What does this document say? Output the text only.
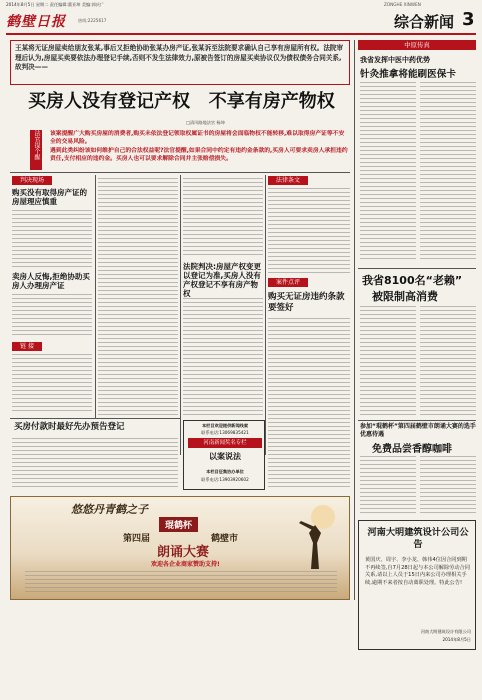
2014年8月5日 星期二 责任编辑:董亚坤 美编:郭庆广
鹤壁日报	热线:2225617
ZONGHE XINWEN
综合新闻 3
王某将无证房屋卖给朋友张某,事后又拒绝协助张某办房产证,张某诉至法院要求确认自己享有房屋所有权。法院审理后认为,房屋买卖要依法办理登记手续,否则不发生法律效力,原被告签订的房屋买卖协议仅为债权债务合同关系,故判决——
买房人没有登记产权   不享有房产物权
□清风路地法官 杨坤
法官提个醒	该案提醒广大购买房屋的消费者,购买未依法登记领取权属证书的房屋将会面临物权不能转移,难以取得房产证等不安全的交易风险。
遇到此类纠纷该如何维护自己的合法权益呢?法官提醒,如果合同中约定有违约金条款的,买房人可要求卖房人承担违约责任,支付相应的违约金。买房人也可以要求解除合同并主张赔偿损失。
判决现场
购买没有取得房产证的房屋理应慎重
卖房人反悔,拒绝协助买房人办理房产证
链 接
买房付款时最好先办预告登记
法院判决:房屋产权变更以登记为准,买房人没有产权登记不享有房产物权
法律条文
案件点评
购买无证房违约条款要签好
本栏目欢迎提供新闻线索
联系电话:13069835421
河南新闻奖名专栏
以案说法
本栏目征集协办单位
联系电话:13903920602
中原传真
我省发挥中医中药优势
针灸推拿将能刷医保卡
我省8100名“老赖”
被限制高消费
参加“琨鹤杯”第四届鹤壁市朗诵大赛的选手优惠待遇
免费品尝香醇咖啡
悠悠丹青鹤之子
琨鹤杯
第四届	鹤壁市
朗诵大赛
欢迎各企业商家赞助支持!
河南大明建筑设计公司公告
黄国庆、周宇、李小龙、韩伟4位因合同到期不再续签,自7月28日起与本公司解除劳动合同关系,请以上人员于15日内来公司办理相关手续,逾期不来者按自动离职处理。特此公告!
河南大明建筑设计有限公司
2014年8月5日
